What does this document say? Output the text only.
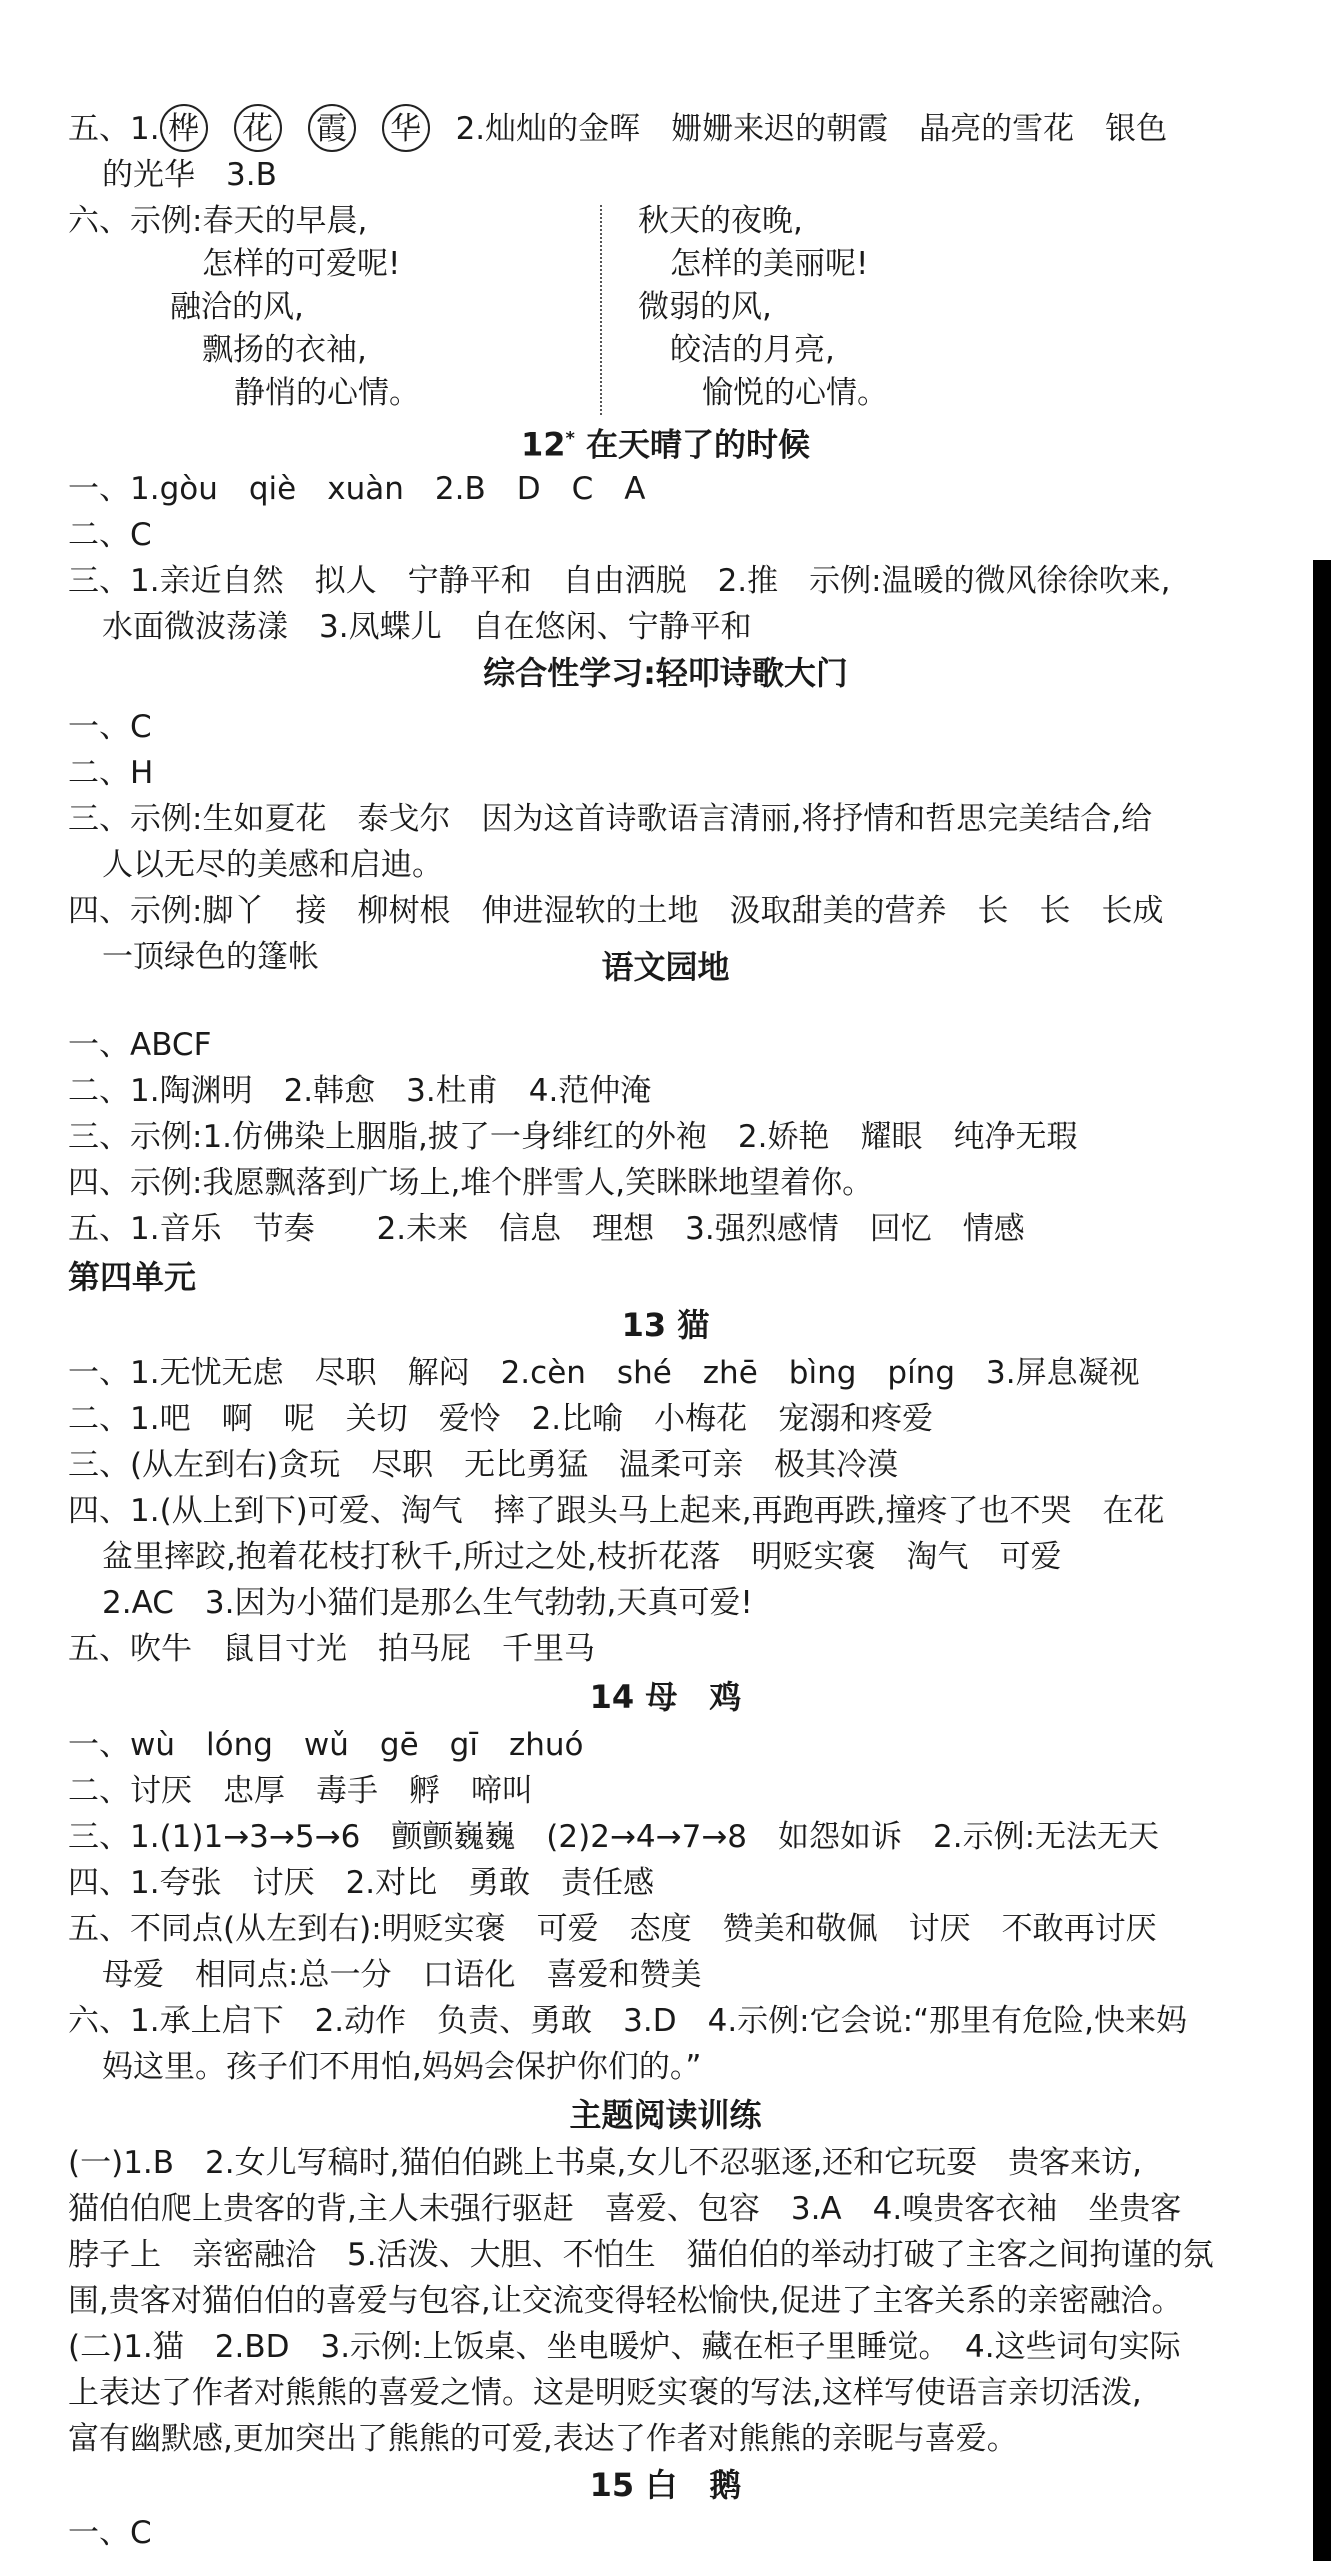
五、1. 桦 花 霞 华 2.灿灿的金晖　姗姗来迟的朝霞　晶亮的雪花　银色
的光华　3.B
六、示例:春天的早晨,
怎样的可爱呢!
融洽的风,
飘扬的衣袖,
静悄的心情。
秋天的夜晚,
怎样的美丽呢!
微弱的风,
皎洁的月亮,
愉悦的心情。
12* 在天晴了的时候
一、1.gòu　qiè　xuàn　2.B　D　C　A
二、C
三、1.亲近自然　拟人　宁静平和　自由洒脱　2.推　示例:温暖的微风徐徐吹来,
水面微波荡漾　3.凤蝶儿　自在悠闲、宁静平和
综合性学习:轻叩诗歌大门
一、C
二、H
三、示例:生如夏花　泰戈尔　因为这首诗歌语言清丽,将抒情和哲思完美结合,给
人以无尽的美感和启迪。
四、示例:脚丫　接　柳树根　伸进湿软的土地　汲取甜美的营养　长　长　长成
一顶绿色的篷帐	语文园地
一、ABCF
二、1.陶渊明　2.韩愈　3.杜甫　4.范仲淹
三、示例:1.仿佛染上胭脂,披了一身绯红的外袍　2.娇艳　耀眼　纯净无瑕
四、示例:我愿飘落到广场上,堆个胖雪人,笑眯眯地望着你。
五、1.音乐　节奏　　2.未来　信息　理想　3.强烈感情　回忆　情感
第四单元
13 猫
一、1.无忧无虑　尽职　解闷　2.cèn　shé　zhē　bìng　píng　3.屏息凝视
二、1.吧　啊　呢　关切　爱怜　2.比喻　小梅花　宠溺和疼爱
三、(从左到右)贪玩　尽职　无比勇猛　温柔可亲　极其冷漠
四、1.(从上到下)可爱、淘气　摔了跟头马上起来,再跑再跌,撞疼了也不哭　在花
盆里摔跤,抱着花枝打秋千,所过之处,枝折花落　明贬实褒　淘气　可爱
2.AC　3.因为小猫们是那么生气勃勃,天真可爱!
五、吹牛　鼠目寸光　拍马屁　千里马
14 母　鸡
一、wù　lóng　wǔ　gē　gī　zhuó
二、讨厌　忠厚　毒手　孵　啼叫
三、1.(1)1→3→5→6　颤颤巍巍　(2)2→4→7→8　如怨如诉　2.示例:无法无天
四、1.夸张　讨厌　2.对比　勇敢　责任感
五、不同点(从左到右):明贬实褒　可爱　态度　赞美和敬佩　讨厌　不敢再讨厌
母爱　相同点:总一分　口语化　喜爱和赞美
六、1.承上启下　2.动作　负责、勇敢　3.D　4.示例:它会说:“那里有危险,快来妈
妈这里。孩子们不用怕,妈妈会保护你们的。”
主题阅读训练
(一)1.B　2.女儿写稿时,猫伯伯跳上书桌,女儿不忍驱逐,还和它玩耍　贵客来访,
猫伯伯爬上贵客的背,主人未强行驱赶　喜爱、包容　3.A　4.嗅贵客衣袖　坐贵客
脖子上　亲密融洽　5.活泼、大胆、不怕生　猫伯伯的举动打破了主客之间拘谨的氛
围,贵客对猫伯伯的喜爱与包容,让交流变得轻松愉快,促进了主客关系的亲密融洽。
(二)1.猫　2.BD　3.示例:上饭桌、坐电暖炉、藏在柜子里睡觉。　4.这些词句实际
上表达了作者对熊熊的喜爱之情。这是明贬实褒的写法,这样写使语言亲切活泼,
富有幽默感,更加突出了熊熊的可爱,表达了作者对熊熊的亲昵与喜爱。
15 白　鹅
一、C
